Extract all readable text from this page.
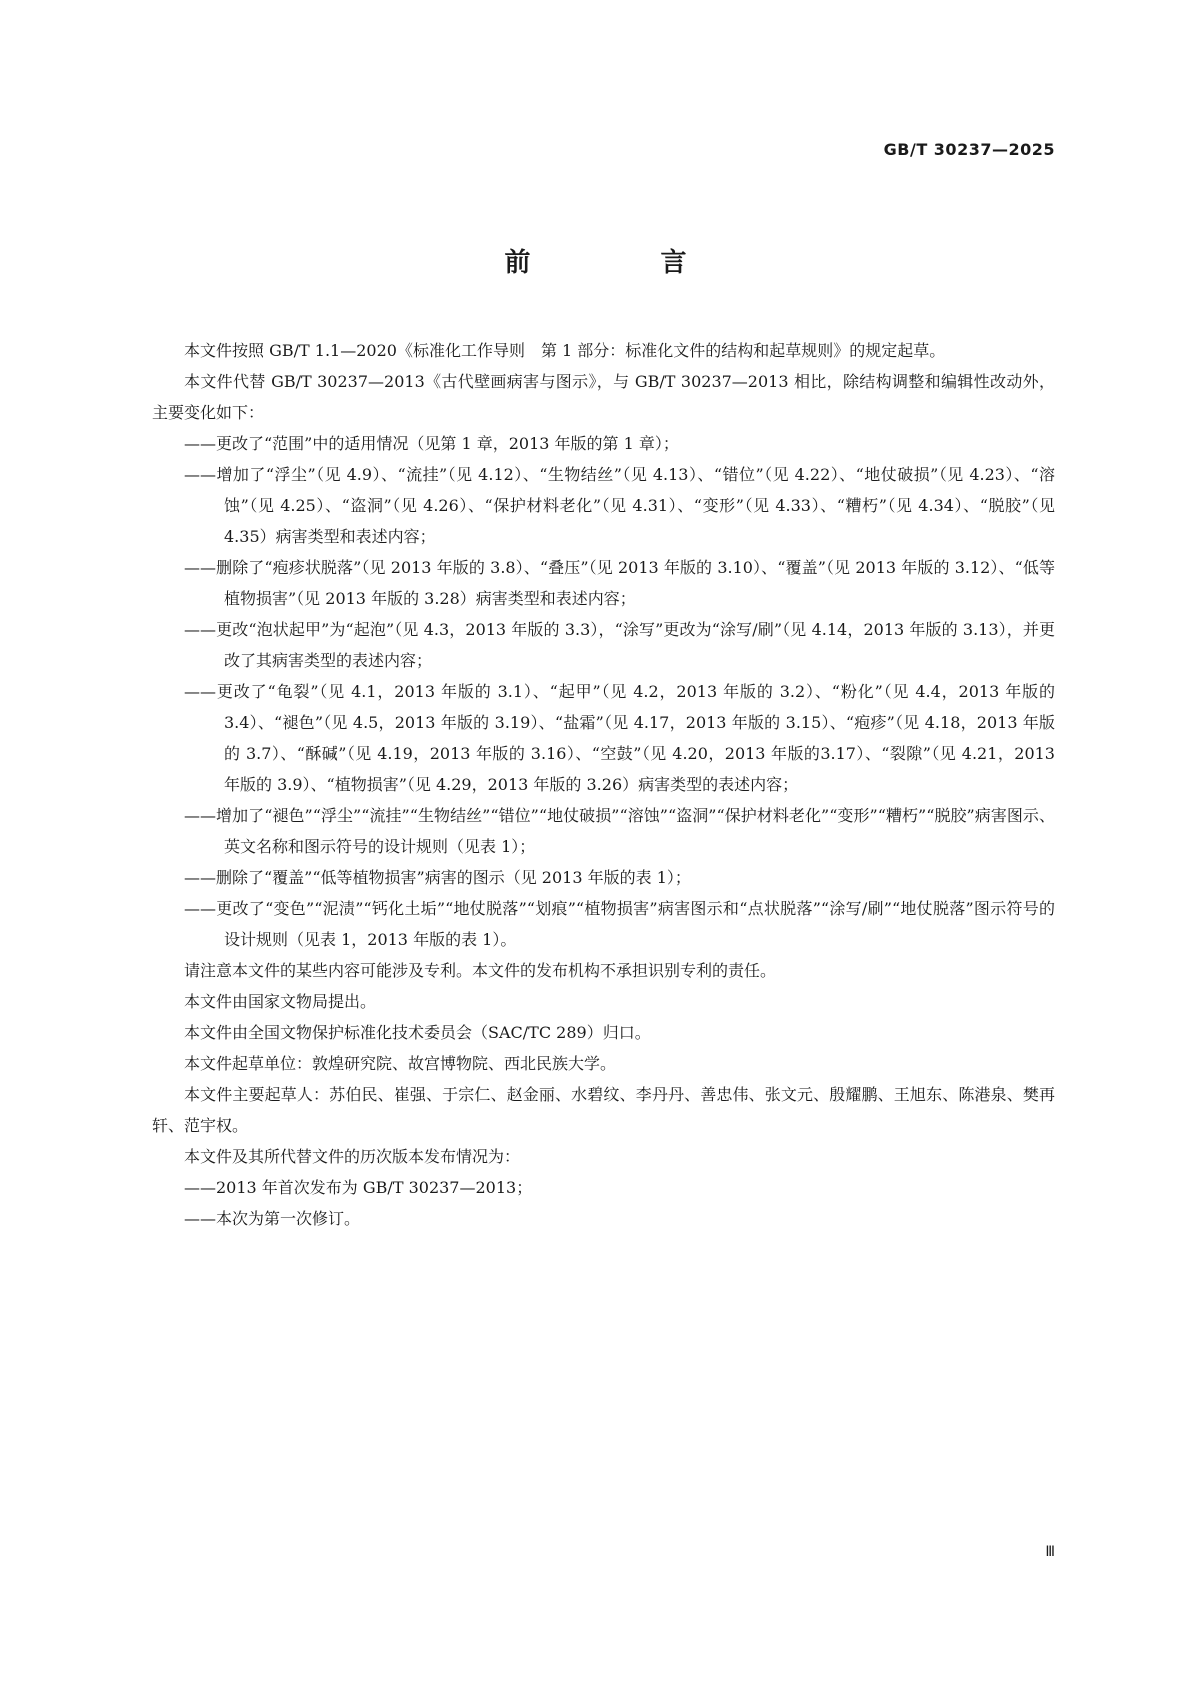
GB/T 30237—2025
前　言

本文件按照 GB/T 1.1—2020《标准化工作导则　第 1 部分：标准化文件的结构和起草规则》的规定起草。

本文件代替 GB/T 30237—2013《古代壁画病害与图示》，与 GB/T 30237—2013 相比，除结构调整和编辑性改动外，主要变化如下：

——更改了“范围”中的适用情况（见第 1 章，2013 年版的第 1 章）；

——增加了“浮尘”（见 4.9）、“流挂”（见 4.12）、“生物结丝”（见 4.13）、“错位”（见 4.22）、“地仗破损”（见 4.23）、“溶蚀”（见 4.25）、“盗洞”（见 4.26）、“保护材料老化”（见 4.31）、“变形”（见 4.33）、“糟朽”（见 4.34）、“脱胶”（见 4.35）病害类型和表述内容；

——删除了“疱疹状脱落”（见 2013 年版的 3.8）、“叠压”（见 2013 年版的 3.10）、“覆盖”（见 2013 年版的 3.12）、“低等植物损害”（见 2013 年版的 3.28）病害类型和表述内容；

——更改“泡状起甲”为“起泡”（见 4.3，2013 年版的 3.3），“涂写”更改为“涂写/刷”（见 4.14，2013 年版的 3.13），并更改了其病害类型的表述内容；

——更改了“龟裂”（见 4.1，2013 年版的 3.1）、“起甲”（见 4.2，2013 年版的 3.2）、“粉化”（见 4.4，2013 年版的 3.4）、“褪色”（见 4.5，2013 年版的 3.19）、“盐霜”（见 4.17，2013 年版的 3.15）、“疱疹”（见 4.18，2013 年版的 3.7）、“酥碱”（见 4.19，2013 年版的 3.16）、“空鼓”（见 4.20，2013 年版的3.17）、“裂隙”（见 4.21，2013 年版的 3.9）、“植物损害”（见 4.29，2013 年版的 3.26）病害类型的表述内容；

——增加了“褪色”“浮尘”“流挂”“生物结丝”“错位”“地仗破损”“溶蚀”“盗洞”“保护材料老化”“变形”“糟朽”“脱胶”病害图示、英文名称和图示符号的设计规则（见表 1）；

——删除了“覆盖”“低等植物损害”病害的图示（见 2013 年版的表 1）；

——更改了“变色”“泥渍”“钙化土垢”“地仗脱落”“划痕”“植物损害”病害图示和“点状脱落”“涂写/刷”“地仗脱落”图示符号的设计规则（见表 1，2013 年版的表 1）。

请注意本文件的某些内容可能涉及专利。本文件的发布机构不承担识别专利的责任。

本文件由国家文物局提出。

本文件由全国文物保护标准化技术委员会（SAC/TC 289）归口。

本文件起草单位：敦煌研究院、故宫博物院、西北民族大学。

本文件主要起草人：苏伯民、崔强、于宗仁、赵金丽、水碧纹、李丹丹、善忠伟、张文元、殷耀鹏、王旭东、陈港泉、樊再轩、范宇权。

本文件及其所代替文件的历次版本发布情况为：

——2013 年首次发布为 GB/T 30237—2013；

——本次为第一次修订。

Ⅲ
